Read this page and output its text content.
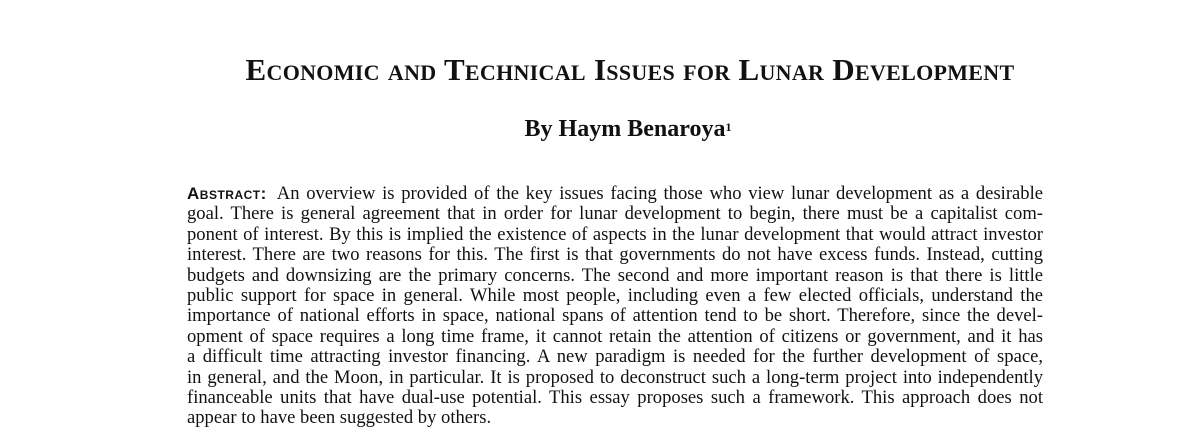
Economic and Technical Issues for Lunar Development
By Haym Benaroya$^1$
Abstract: An overview is provided of the key issues facing those who view lunar development as a desirable
goal. There is general agreement that in order for lunar development to begin, there must be a capitalist com-
ponent of interest. By this is implied the existence of aspects in the lunar development that would attract investor
interest. There are two reasons for this. The first is that governments do not have excess funds. Instead, cutting
budgets and downsizing are the primary concerns. The second and more important reason is that there is little
public support for space in general. While most people, including even a few elected officials, understand the
importance of national efforts in space, national spans of attention tend to be short. Therefore, since the devel-
opment of space requires a long time frame, it cannot retain the attention of citizens or government, and it has
a difficult time attracting investor financing. A new paradigm is needed for the further development of space,
in general, and the Moon, in particular. It is proposed to deconstruct such a long-term project into independently
financeable units that have dual-use potential. This essay proposes such a framework. This approach does not
appear to have been suggested by others.
